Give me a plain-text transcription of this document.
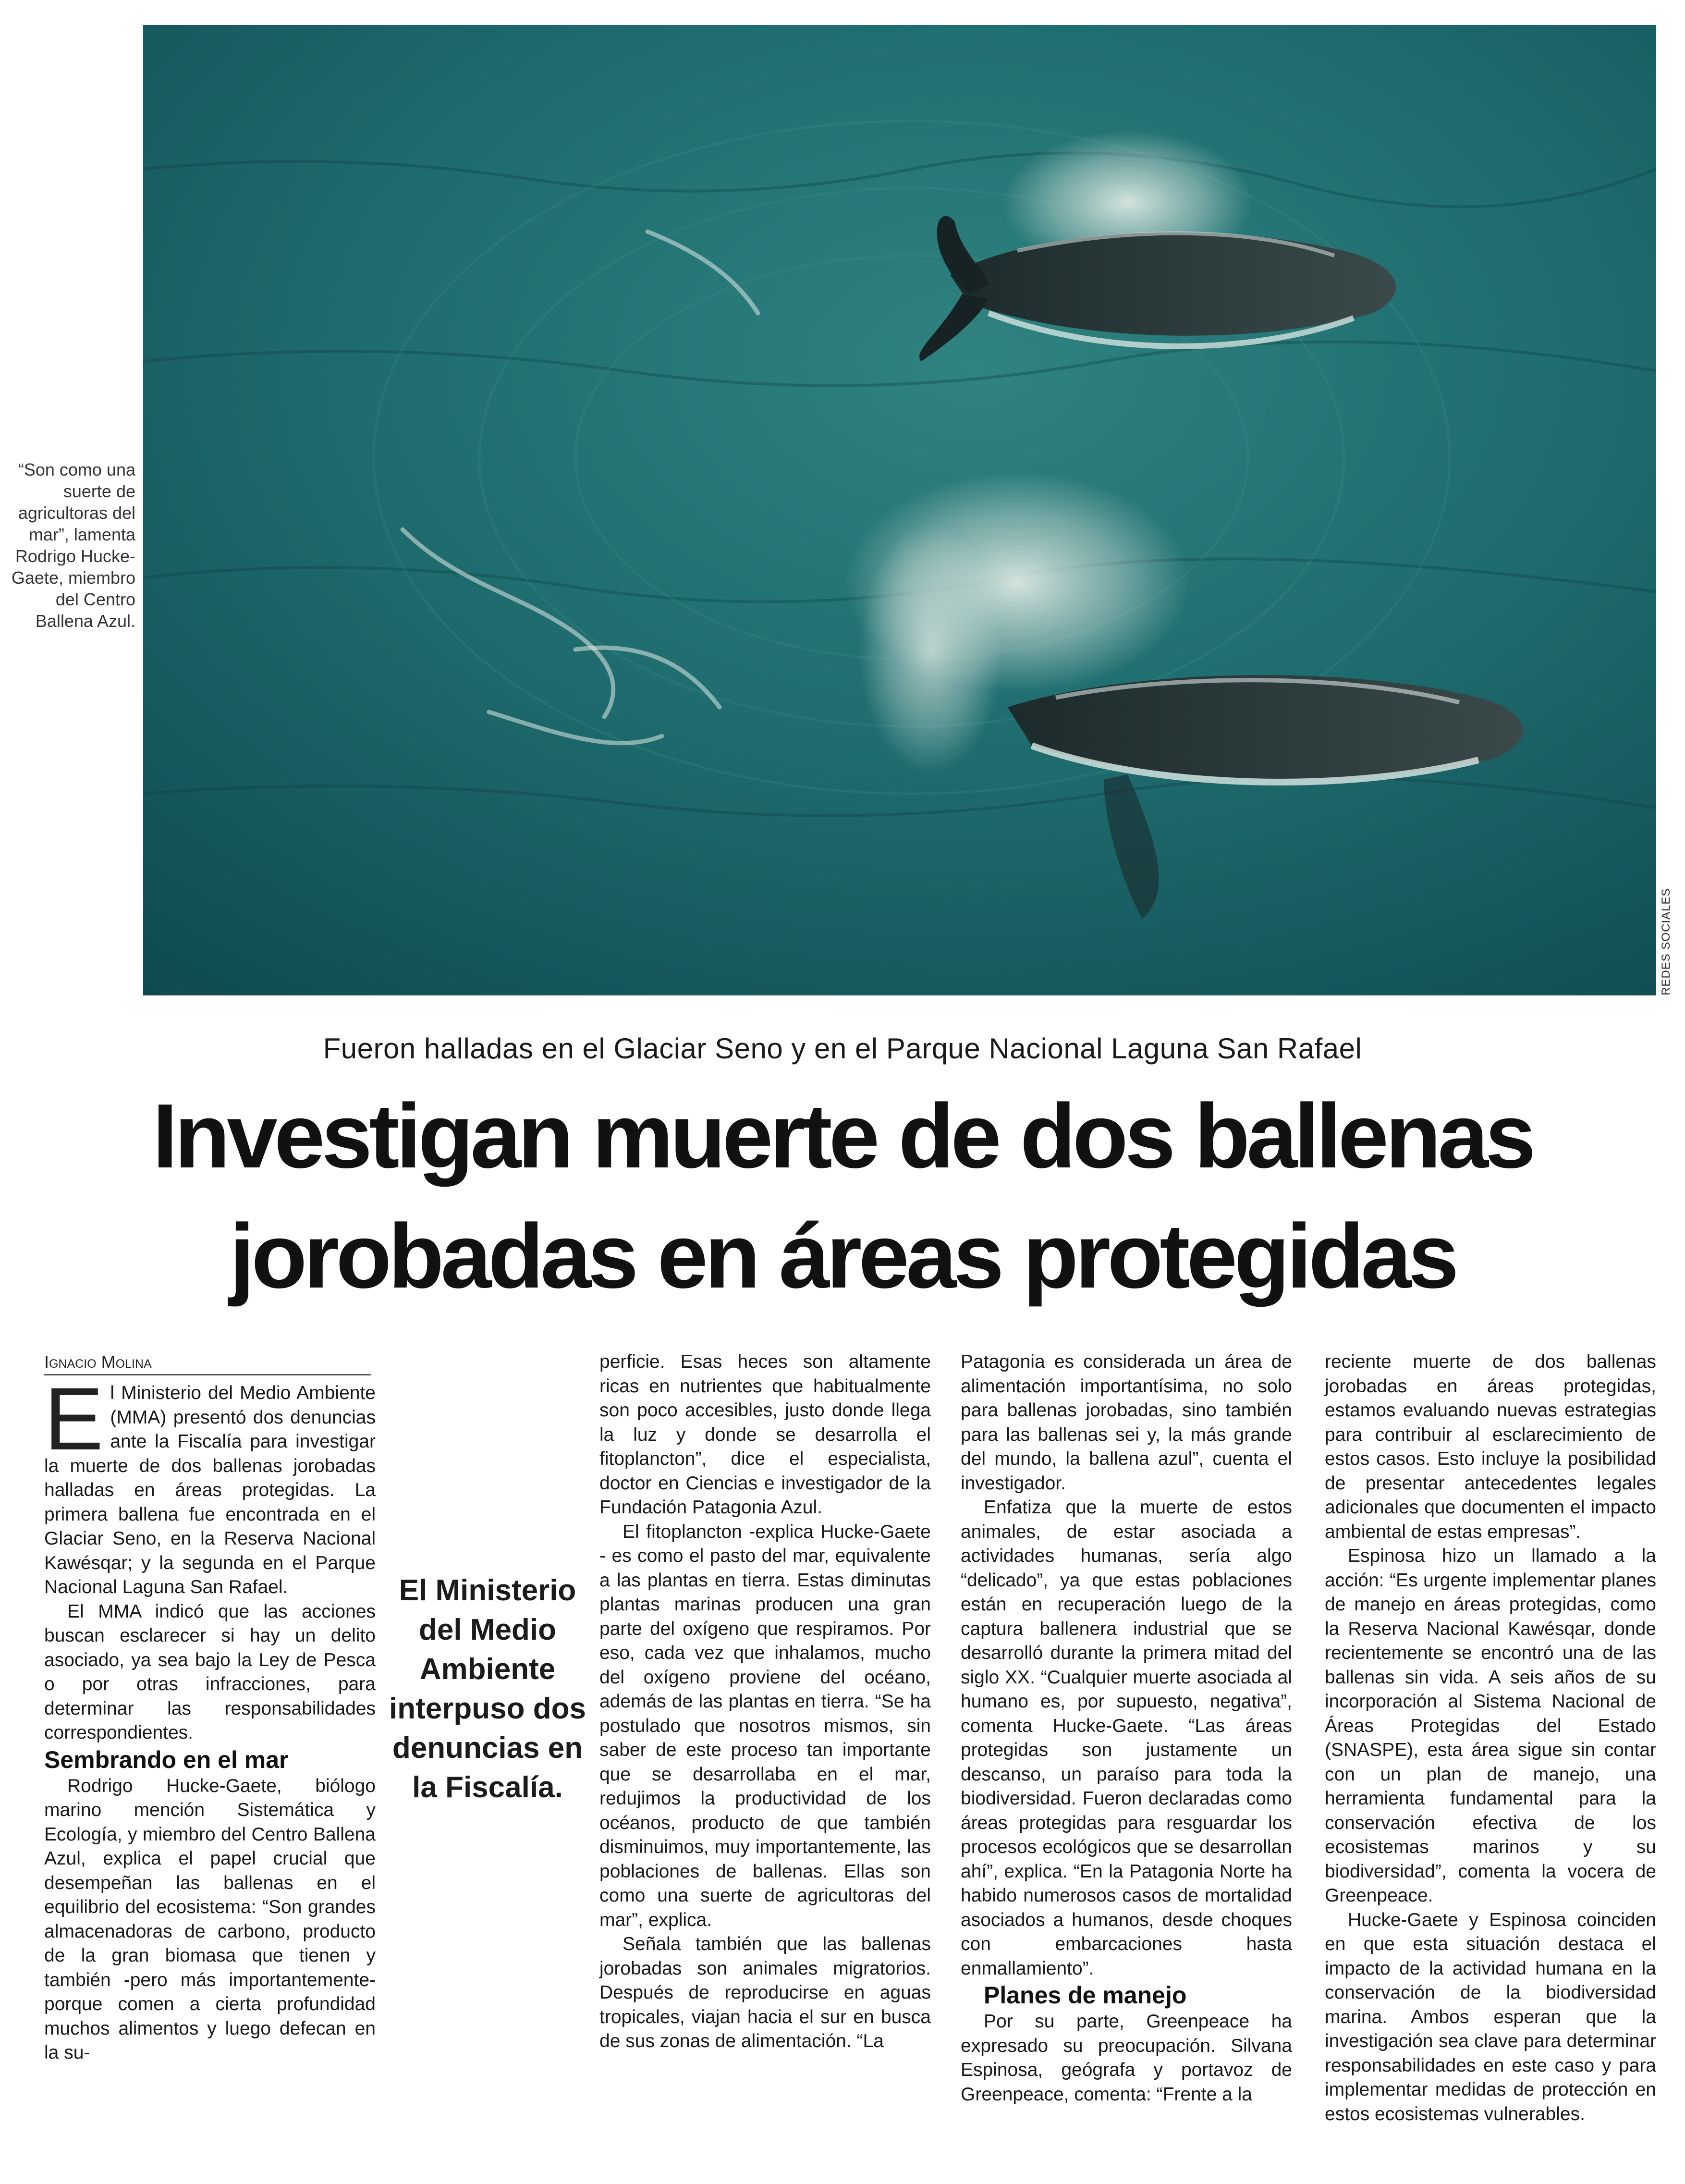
REDES SOCIALES
“Son como una suerte de agricultoras del mar”, lamenta Rodrigo Hucke-Gaete, miembro del Centro Ballena Azul.
Fueron halladas en el Glaciar Seno y en el Parque Nacional Laguna San Rafael
Investigan muerte de dos ballenas
jorobadas en áreas protegidas
Ignacio Molina

El Ministerio del Medio Ambiente (MMA) presentó dos denuncias ante la Fiscalía para investigar la muerte de dos ballenas jorobadas halladas en áreas protegidas. La primera ballena fue encontrada en el Glaciar Seno, en la Reserva Nacional Kawésqar; y la segunda en el Parque Nacional Laguna San Rafael.

El MMA indicó que las acciones buscan esclarecer si hay un delito asociado, ya sea bajo la Ley de Pesca o por otras infracciones, para determinar las responsabilidades correspondientes.

Sembrando en el mar

Rodrigo Hucke-Gaete, biólogo marino mención Sistemática y Ecología, y miembro del Centro Ballena Azul, explica el papel crucial que desempeñan las ballenas en el equilibrio del ecosistema: “Son grandes almacenadoras de carbono, producto de la gran biomasa que tienen y también -pero más importantemente- porque comen a cierta profundidad muchos alimentos y luego defecan en la su-

El Ministerio del Medio Ambiente interpuso dos denuncias en la Fiscalía.

perficie. Esas heces son altamente ricas en nutrientes que habitualmente son poco accesibles, justo donde llega la luz y donde se desarrolla el fitoplancton”, dice el especialista, doctor en Ciencias e investigador de la Fundación Patagonia Azul.

El fitoplancton -explica Hucke-Gaete - es como el pasto del mar, equivalente a las plantas en tierra. Estas diminutas plantas marinas producen una gran parte del oxígeno que respiramos. Por eso, cada vez que inhalamos, mucho del oxígeno proviene del océano, además de las plantas en tierra. “Se ha postulado que nosotros mismos, sin saber de este proceso tan importante que se desarrollaba en el mar, redujimos la productividad de los océanos, producto de que también disminuimos, muy importantemente, las poblaciones de ballenas. Ellas son como una suerte de agricultoras del mar”, explica.

Señala también que las ballenas jorobadas son animales migratorios. Después de reproducirse en aguas tropicales, viajan hacia el sur en busca de sus zonas de alimentación. “La

Patagonia es considerada un área de alimentación importantísima, no solo para ballenas jorobadas, sino también para las ballenas sei y, la más grande del mundo, la ballena azul”, cuenta el investigador.

Enfatiza que la muerte de estos animales, de estar asociada a actividades humanas, sería algo “delicado”, ya que estas poblaciones están en recuperación luego de la captura ballenera industrial que se desarrolló durante la primera mitad del siglo XX. “Cualquier muerte asociada al humano es, por supuesto, negativa”, comenta Hucke-Gaete. “Las áreas protegidas son justamente un descanso, un paraíso para toda la biodiversidad. Fueron declaradas como áreas protegidas para resguardar los procesos ecológicos que se desarrollan ahí”, explica. “En la Patagonia Norte ha habido numerosos casos de mortalidad asociados a humanos, desde choques con embarcaciones hasta enmallamiento”.

Planes de manejo

Por su parte, Greenpeace ha expresado su preocupación. Silvana Espinosa, geógrafa y portavoz de Greenpeace, comenta: “Frente a la

reciente muerte de dos ballenas jorobadas en áreas protegidas, estamos evaluando nuevas estrategias para contribuir al esclarecimiento de estos casos. Esto incluye la posibilidad de presentar antecedentes legales adicionales que documenten el impacto ambiental de estas empresas”.

Espinosa hizo un llamado a la acción: “Es urgente implementar planes de manejo en áreas protegidas, como la Reserva Nacional Kawésqar, donde recientemente se encontró una de las ballenas sin vida. A seis años de su incorporación al Sistema Nacional de Áreas Protegidas del Estado (SNASPE), esta área sigue sin contar con un plan de manejo, una herramienta fundamental para la conservación efectiva de los ecosistemas marinos y su biodiversidad”, comenta la vocera de Greenpeace.

Hucke-Gaete y Espinosa coinciden en que esta situación destaca el impacto de la actividad humana en la conservación de la biodiversidad marina. Ambos esperan que la investigación sea clave para determinar responsabilidades en este caso y para implementar medidas de protección en estos ecosistemas vulnerables.
